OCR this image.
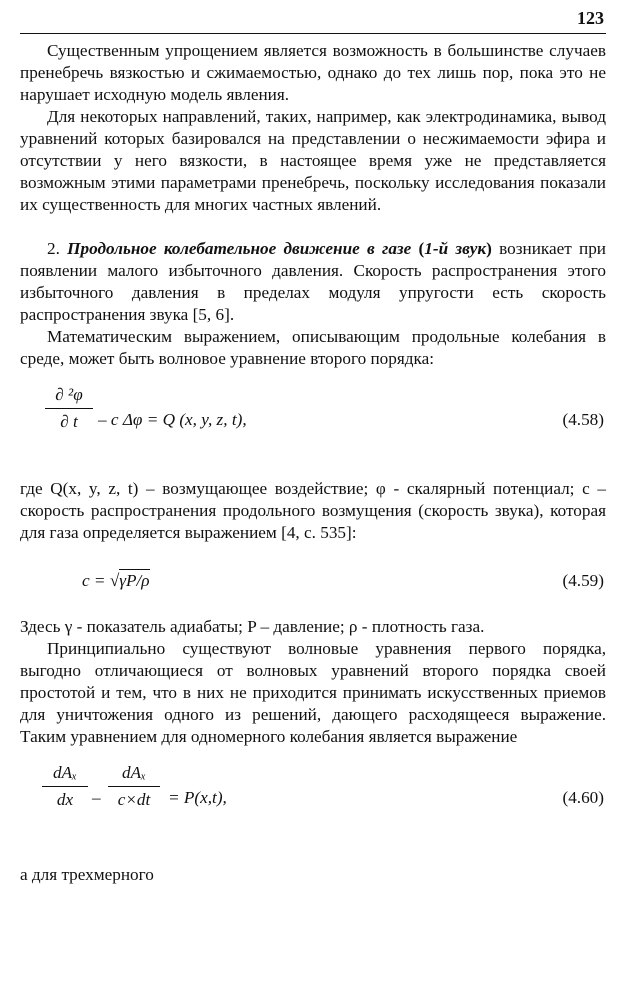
123

Существенным упрощением является возможность в большинстве случаев пренебречь вязкостью и сжимаемостью, однако до тех лишь пор, пока это не нарушает исходную модель явления.

Для некоторых направлений, таких, например, как электродинамика, вывод уравнений которых базировался на представлении о несжимаемости эфира и отсутствии у него вязкости, в настоящее время уже не представляется возможным этими параметрами пренебречь, поскольку исследования показали их существенность для многих частных явлений.

2. Продольное колебательное движение в газе (1-й звук) возникает при появлении малого избыточного давления. Скорость распространения этого избыточного давления в пределах модуля упругости есть скорость распространения звука [5, 6].

Математическим выражением, описывающим продольные колебания в среде, может быть волновое уравнение второго порядка:

∂ ²φ
∂ t	– c Δφ = Q (x, y, z, t),	(4.58)

где Q(x, y, z, t) – возмущающее воздействие; φ - скалярный потенциал; c – скорость распространения продольного возмущения (скорость звука), которая для газа определяется выражением [4, с. 535]:

c = √γP/ρ	(4.59)

Здесь γ - показатель адиабаты; P – давление; ρ - плотность газа.

Принципиально существуют волновые уравнения первого порядка, выгодно отличающиеся от волновых уравнений второго порядка своей простотой и тем, что в них не приходится принимать искусственных приемов для уничтожения одного из решений, дающего расходящееся выражение. Таким уравнением для одномерного колебания является выражение

dAₓ
dx	–
dAₓ
c×dt	= P(x,t),	(4.60)

а для трехмерного
